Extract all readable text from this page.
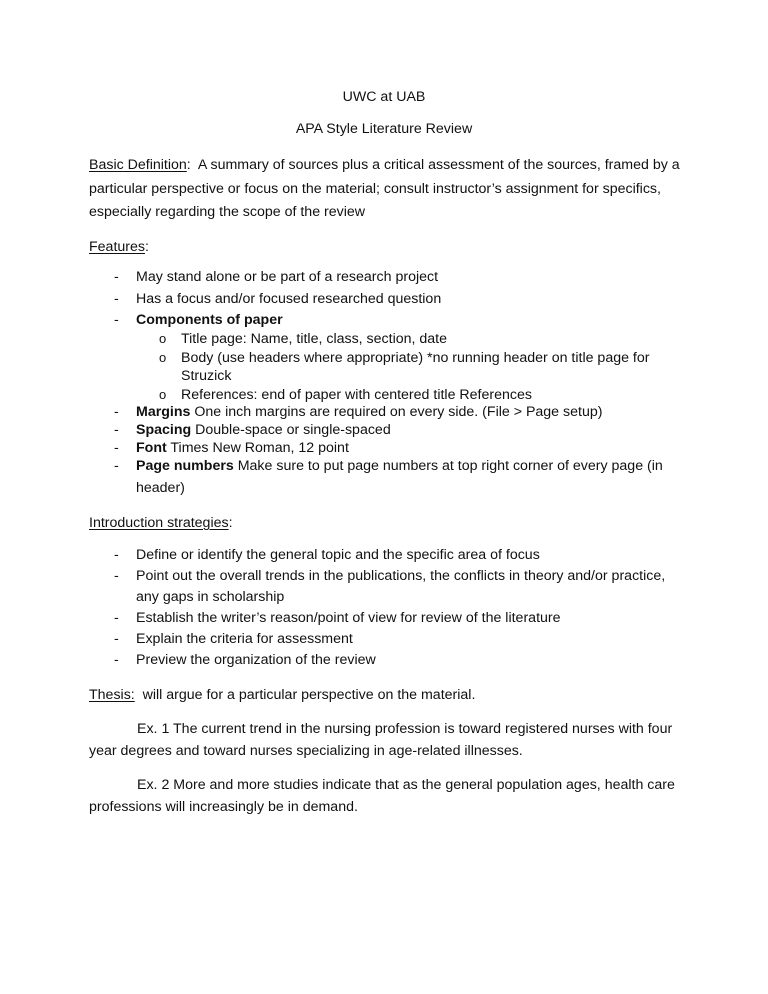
UWC at UAB
APA Style Literature Review
Basic Definition: A summary of sources plus a critical assessment of the sources, framed by a
particular perspective or focus on the material; consult instructor’s assignment for specifics,
especially regarding the scope of the review
Features:
- May stand alone or be part of a research project
- Has a focus and/or focused researched question
- Components of paper
o Title page: Name, title, class, section, date
o Body (use headers where appropriate) *no running header on title page for
Struzick
o References: end of paper with centered title References
- Margins One inch margins are required on every side. (File > Page setup)
- Spacing Double-space or single-spaced
- Font Times New Roman, 12 point
- Page numbers Make sure to put page numbers at top right corner of every page (in
header)
Introduction strategies:
- Define or identify the general topic and the specific area of focus
- Point out the overall trends in the publications, the conflicts in theory and/or practice,
any gaps in scholarship
- Establish the writer’s reason/point of view for review of the literature
- Explain the criteria for assessment
- Preview the organization of the review
Thesis:  will argue for a particular perspective on the material.
Ex. 1 The current trend in the nursing profession is toward registered nurses with four
year degrees and toward nurses specializing in age-related illnesses.
Ex. 2 More and more studies indicate that as the general population ages, health care
professions will increasingly be in demand.
